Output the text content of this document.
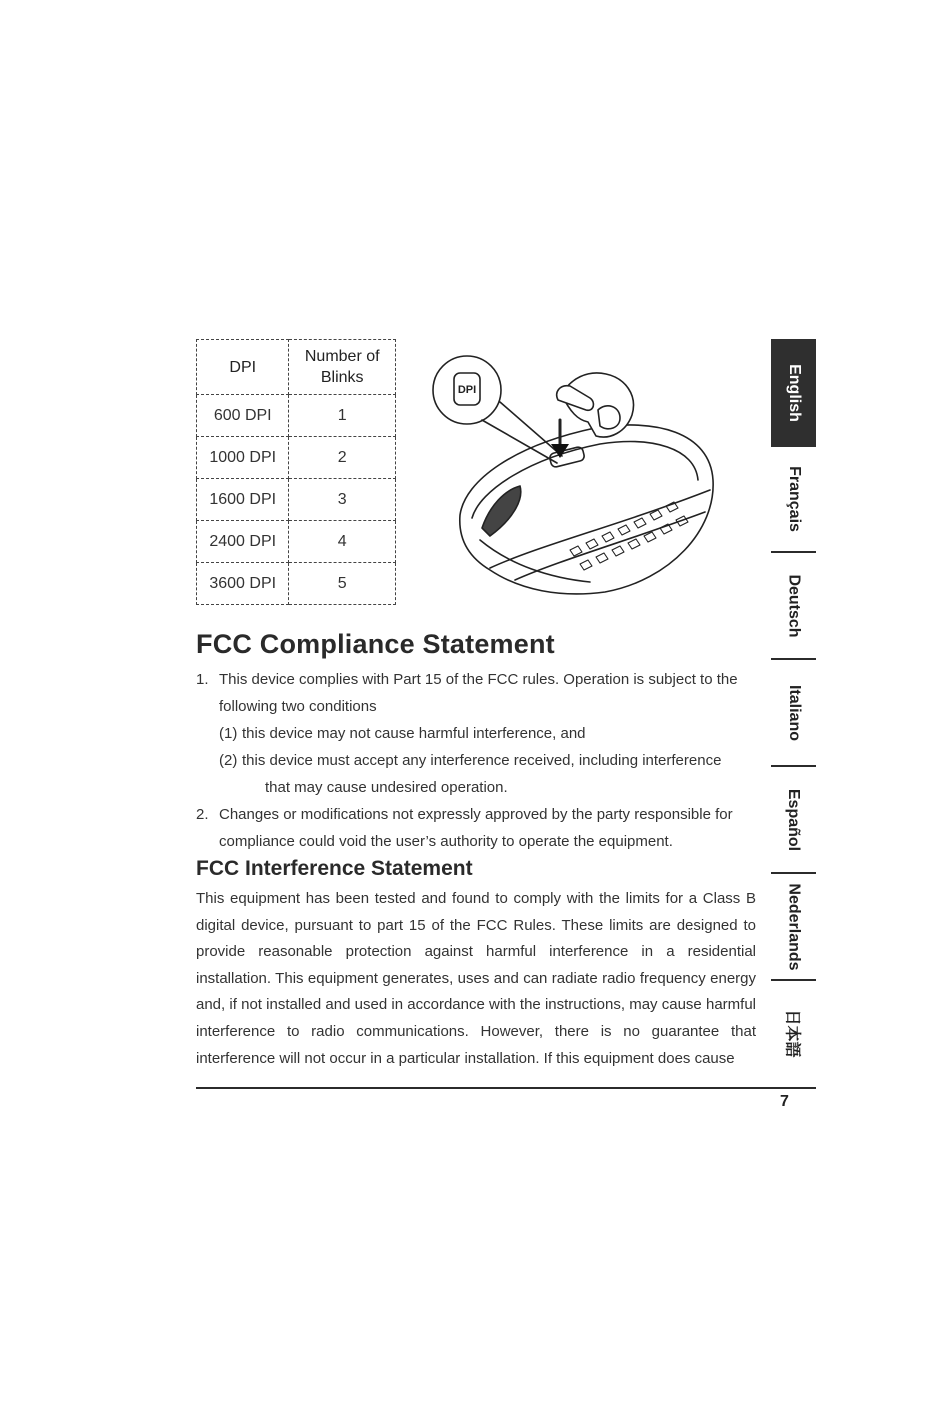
DPI	Number of Blinks
600 DPI	1
1000 DPI	2
1600 DPI	3
2400 DPI	4
3600 DPI	5
DPI
FCC Compliance Statement
1. This device complies with Part 15 of the FCC rules. Operation is subject to the following two conditions
(1) this device may not cause harmful interference, and
(2) this device must accept any interference received, including interference
that may cause undesired operation.
2. Changes or modifications not expressly approved by the party responsible for compliance could void the user’s authority to operate the equipment.
FCC Interference Statement

This equipment has been tested and found to comply with the limits for a Class B digital device, pursuant to part 15 of the FCC Rules. These limits are designed to provide reasonable protection against harmful interference in a residential installation. This equipment generates, uses and can radiate radio frequency energy and, if not installed and used in accordance with the instructions, may cause harmful interference to radio communications. However, there is no guarantee that interference will not occur in a particular installation. If this equipment does cause

7
English
Français
Deutsch
Italiano
Español
Nederlands
日本語
